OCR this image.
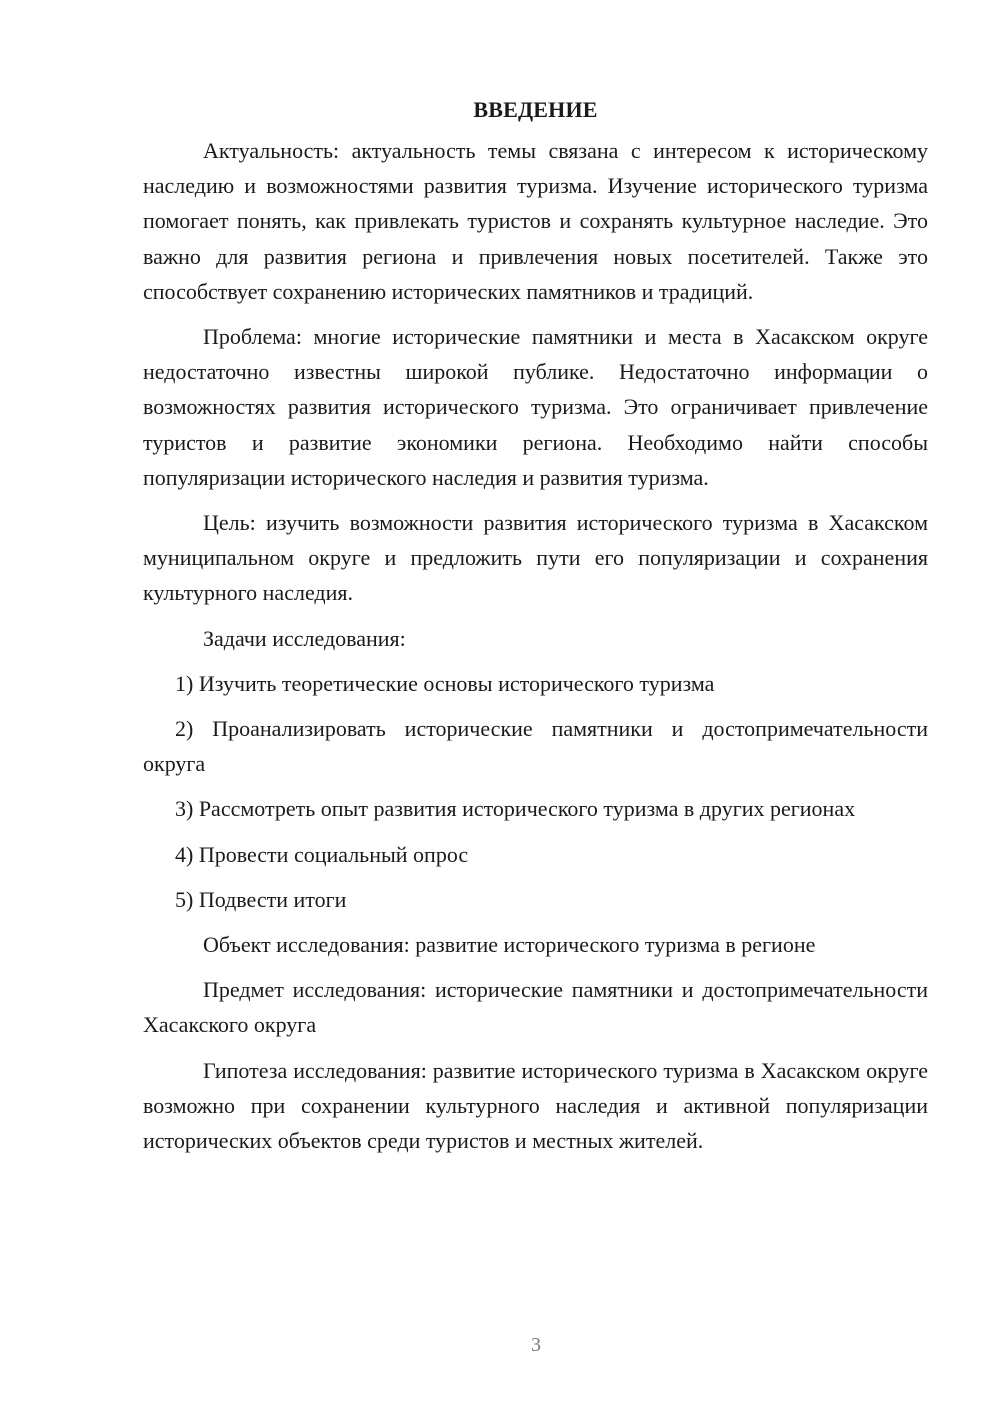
ВВЕДЕНИЕ

Актуальность: актуальность темы связана с интересом к историческому наследию и возможностями развития туризма. Изучение исторического туризма помогает понять, как привлекать туристов и сохранять культурное наследие. Это важно для развития региона и привлечения новых посетителей. Также это способствует сохранению исторических памятников и традиций.

Проблема: многие исторические памятники и места в Хасакском округе недостаточно известны широкой публике. Недостаточно информации о возможностях развития исторического туризма. Это ограничивает привлечение туристов и развитие экономики региона. Необходимо найти способы популяризации исторического наследия и развития туризма.

Цель: изучить возможности развития исторического туризма в Хасакском муниципальном округе и предложить пути его популяризации и сохранения культурного наследия.

Задачи исследования:

1) Изучить теоретические основы исторического туризма

2) Проанализировать исторические памятники и достопримечательности округа

3) Рассмотреть опыт развития исторического туризма в других регионах

4) Провести социальный опрос

5) Подвести итоги

Объект исследования: развитие исторического туризма в регионе

Предмет исследования: исторические памятники и достопримечательности Хасакского округа

Гипотеза исследования: развитие исторического туризма в Хасакском округе возможно при сохранении культурного наследия и активной популяризации исторических объектов среди туристов и местных жителей.

3
